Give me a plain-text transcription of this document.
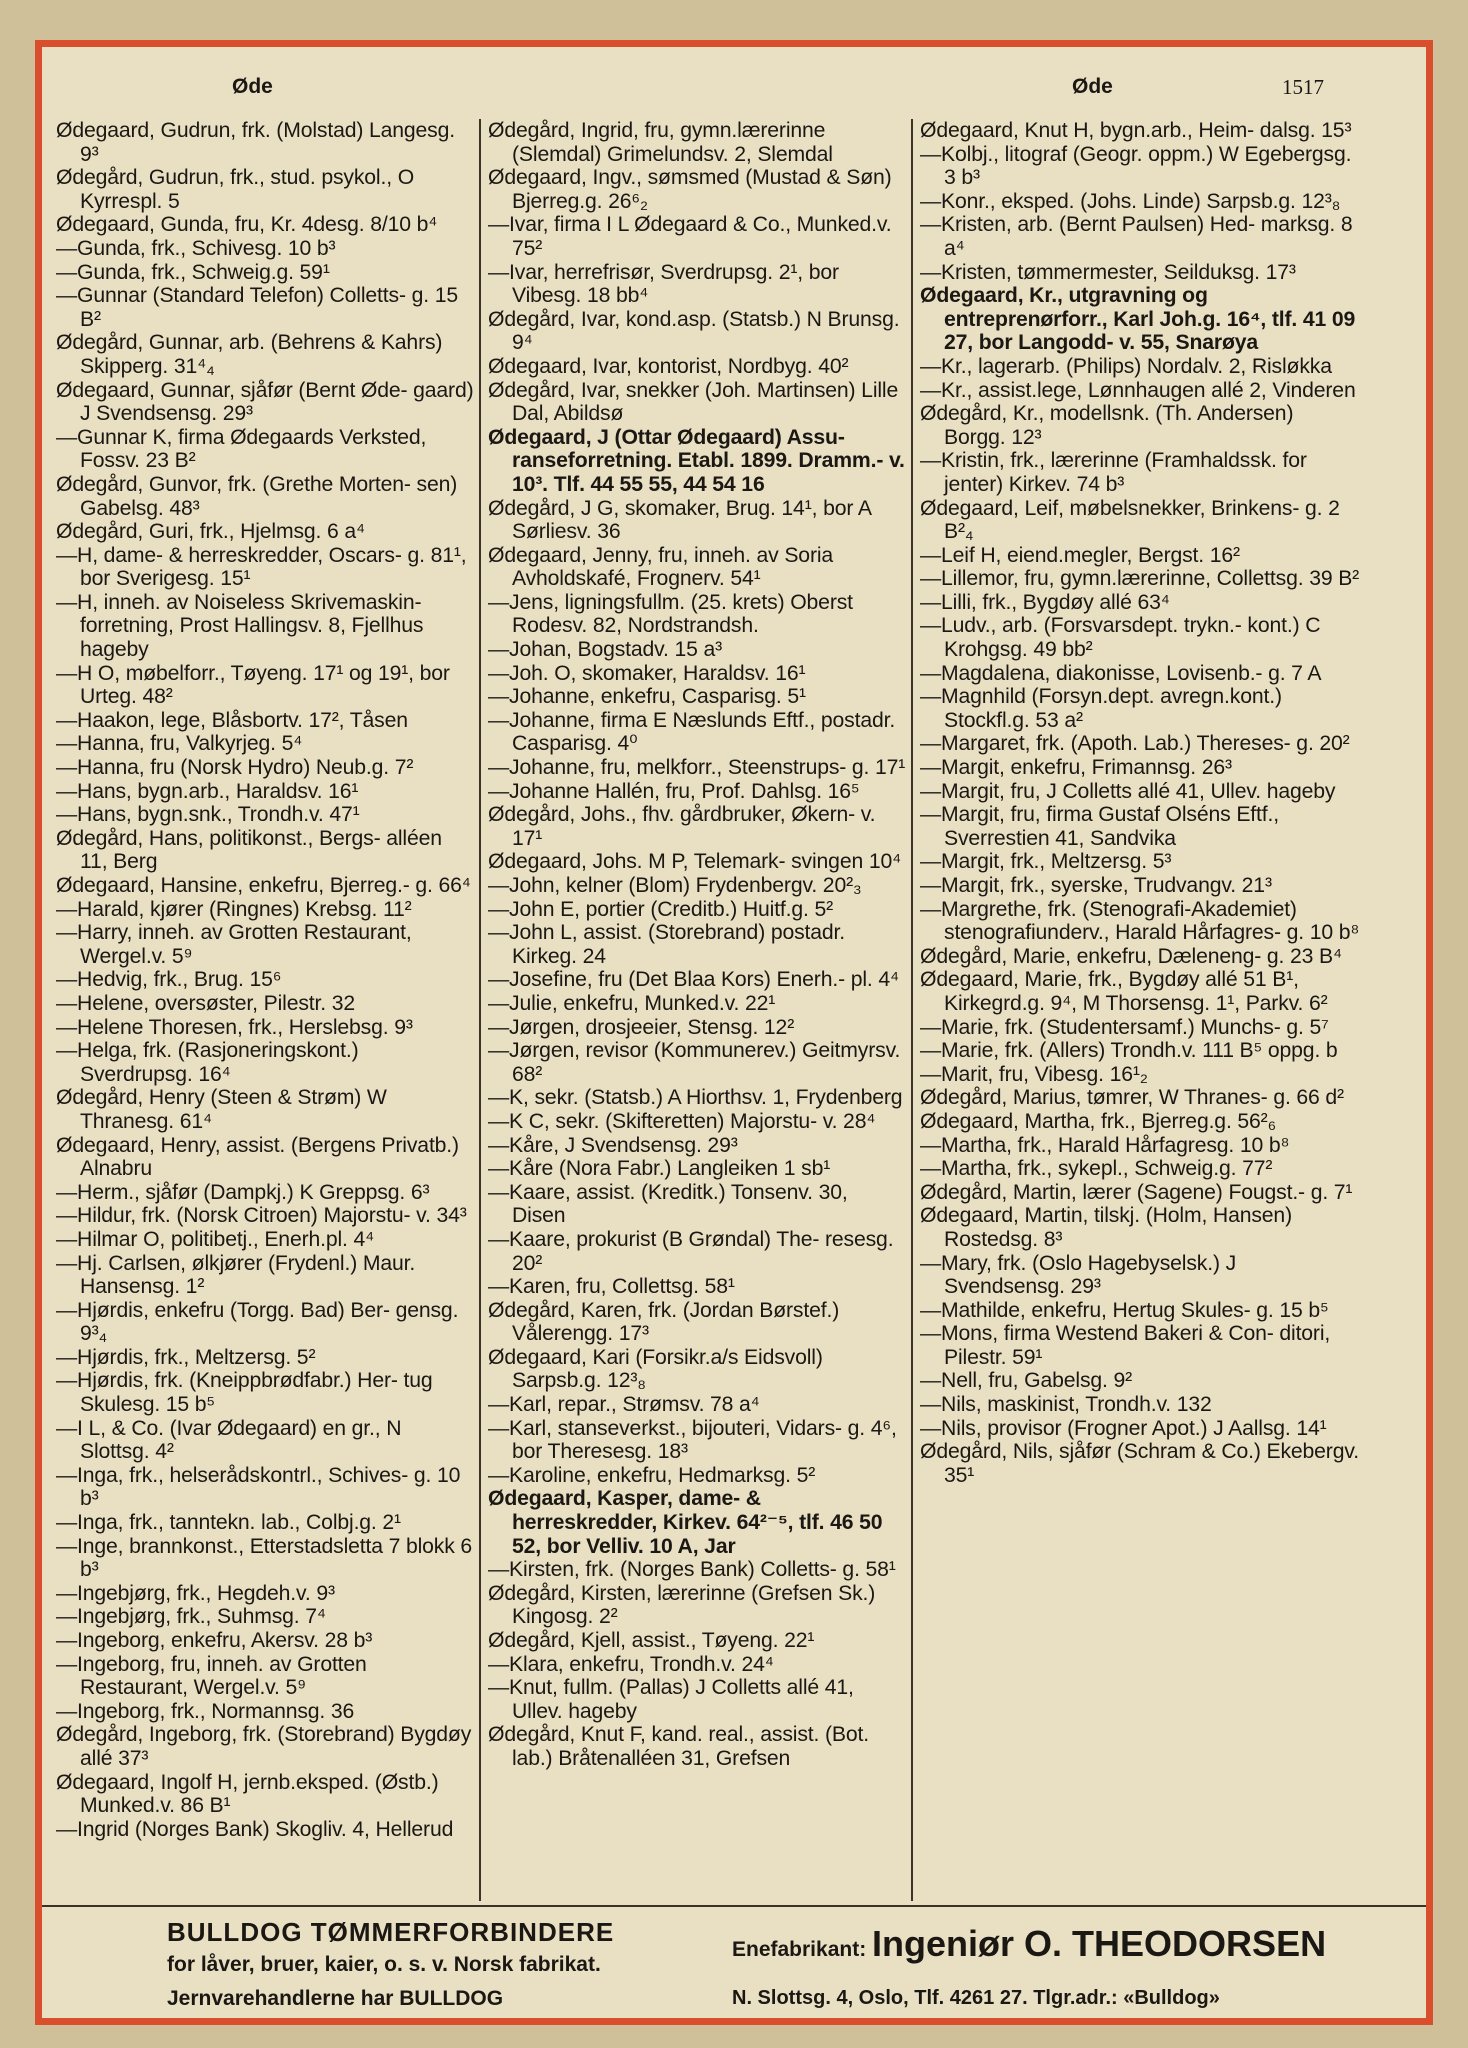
Øde	Øde	1517

Ødegaard, Gudrun, frk. (Molstad) Langesg. 9³

Ødegård, Gudrun, frk., stud. psykol., O Kyrrespl. 5

Ødegaard, Gunda, fru, Kr. 4desg. 8/10 b⁴

—Gunda, frk., Schivesg. 10 b³

—Gunda, frk., Schweig.g. 59¹

—Gunnar (Standard Telefon) Colletts- g. 15 B²

Ødegård, Gunnar, arb. (Behrens & Kahrs) Skipperg. 31⁴₄

Ødegaard, Gunnar, sjåfør (Bernt Øde- gaard) J Svendsensg. 29³

—Gunnar K, firma Ødegaards Verksted, Fossv. 23 B²

Ødegård, Gunvor, frk. (Grethe Morten- sen) Gabelsg. 48³

Ødegård, Guri, frk., Hjelmsg. 6 a⁴

—H, dame- & herreskredder, Oscars- g. 81¹, bor Sverigesg. 15¹

—H, inneh. av Noiseless Skrivemaskin- forretning, Prost Hallingsv. 8, Fjellhus hageby

—H O, møbelforr., Tøyeng. 17¹ og 19¹, bor Urteg. 48²

—Haakon, lege, Blåsbortv. 17², Tåsen

—Hanna, fru, Valkyrjeg. 5⁴

—Hanna, fru (Norsk Hydro) Neub.g. 7²

—Hans, bygn.arb., Haraldsv. 16¹

—Hans, bygn.snk., Trondh.v. 47¹

Ødegård, Hans, politikonst., Bergs- alléen 11, Berg

Ødegaard, Hansine, enkefru, Bjerreg.- g. 66⁴

—Harald, kjører (Ringnes) Krebsg. 11²

—Harry, inneh. av Grotten Restaurant, Wergel.v. 5⁹

—Hedvig, frk., Brug. 15⁶

—Helene, oversøster, Pilestr. 32

—Helene Thoresen, frk., Herslebsg. 9³

—Helga, frk. (Rasjoneringskont.) Sverdrupsg. 16⁴

Ødegård, Henry (Steen & Strøm) W Thranesg. 61⁴

Ødegaard, Henry, assist. (Bergens Privatb.) Alnabru

—Herm., sjåfør (Dampkj.) K Greppsg. 6³

—Hildur, frk. (Norsk Citroen) Majorstu- v. 34³

—Hilmar O, politibetj., Enerh.pl. 4⁴

—Hj. Carlsen, ølkjører (Frydenl.) Maur. Hansensg. 1²

—Hjørdis, enkefru (Torgg. Bad) Ber- gensg. 9³₄

—Hjørdis, frk., Meltzersg. 5²

—Hjørdis, frk. (Kneippbrødfabr.) Her- tug Skulesg. 15 b⁵

—I L, & Co. (Ivar Ødegaard) en gr., N Slottsg. 4²

—Inga, frk., helserådskontrl., Schives- g. 10 b³

—Inga, frk., tanntekn. lab., Colbj.g. 2¹

—Inge, brannkonst., Etterstadsletta 7 blokk 6 b³

—Ingebjørg, frk., Hegdeh.v. 9³

—Ingebjørg, frk., Suhmsg. 7⁴

—Ingeborg, enkefru, Akersv. 28 b³

—Ingeborg, fru, inneh. av Grotten Restaurant, Wergel.v. 5⁹

—Ingeborg, frk., Normannsg. 36

Ødegård, Ingeborg, frk. (Storebrand) Bygdøy allé 37³

Ødegaard, Ingolf H, jernb.eksped. (Østb.) Munked.v. 86 B¹

—Ingrid (Norges Bank) Skogliv. 4, Hellerud

Ødegård, Ingrid, fru, gymn.lærerinne (Slemdal) Grimelundsv. 2, Slemdal

Ødegaard, Ingv., sømsmed (Mustad & Søn) Bjerreg.g. 26⁶₂

—Ivar, firma I L Ødegaard & Co., Munked.v. 75²

—Ivar, herrefrisør, Sverdrupsg. 2¹, bor Vibesg. 18 bb⁴

Ødegård, Ivar, kond.asp. (Statsb.) N Brunsg. 9⁴

Ødegaard, Ivar, kontorist, Nordbyg. 40²

Ødegård, Ivar, snekker (Joh. Martinsen) Lille Dal, Abildsø

Ødegaard, J (Ottar Ødegaard) Assu- ranseforretning. Etabl. 1899. Dramm.- v. 10³. Tlf. 44 55 55, 44 54 16

Ødegård, J G, skomaker, Brug. 14¹, bor A Sørliesv. 36

Ødegaard, Jenny, fru, inneh. av Soria Avholdskafé, Frognerv. 54¹

—Jens, ligningsfullm. (25. krets) Oberst Rodesv. 82, Nordstrandsh.

—Johan, Bogstadv. 15 a³

—Joh. O, skomaker, Haraldsv. 16¹

—Johanne, enkefru, Casparisg. 5¹

—Johanne, firma E Næslunds Eftf., postadr. Casparisg. 4⁰

—Johanne, fru, melkforr., Steenstrups- g. 17¹

—Johanne Hallén, fru, Prof. Dahlsg. 16⁵

Ødegård, Johs., fhv. gårdbruker, Økern- v. 17¹

Ødegaard, Johs. M P, Telemark- svingen 10⁴

—John, kelner (Blom) Frydenbergv. 20²₃

—John E, portier (Creditb.) Huitf.g. 5²

—John L, assist. (Storebrand) postadr. Kirkeg. 24

—Josefine, fru (Det Blaa Kors) Enerh.- pl. 4⁴

—Julie, enkefru, Munked.v. 22¹

—Jørgen, drosjeeier, Stensg. 12²

—Jørgen, revisor (Kommunerev.) Geitmyrsv. 68²

—K, sekr. (Statsb.) A Hiorthsv. 1, Frydenberg

—K C, sekr. (Skifteretten) Majorstu- v. 28⁴

—Kåre, J Svendsensg. 29³

—Kåre (Nora Fabr.) Langleiken 1 sb¹

—Kaare, assist. (Kreditk.) Tonsenv. 30, Disen

—Kaare, prokurist (B Grøndal) The- resesg. 20²

—Karen, fru, Collettsg. 58¹

Ødegård, Karen, frk. (Jordan Børstef.) Vålerengg. 17³

Ødegaard, Kari (Forsikr.a/s Eidsvoll) Sarpsb.g. 12³₈

—Karl, repar., Strømsv. 78 a⁴

—Karl, stanseverkst., bijouteri, Vidars- g. 4⁶, bor Theresesg. 18³

—Karoline, enkefru, Hedmarksg. 5²

Ødegaard, Kasper, dame- & herreskredder, Kirkev. 64²⁻⁵, tlf. 46 50 52, bor Velliv. 10 A, Jar

—Kirsten, frk. (Norges Bank) Colletts- g. 58¹

Ødegård, Kirsten, lærerinne (Grefsen Sk.) Kingosg. 2²

Ødegård, Kjell, assist., Tøyeng. 22¹

—Klara, enkefru, Trondh.v. 24⁴

—Knut, fullm. (Pallas) J Colletts allé 41, Ullev. hageby

Ødegård, Knut F, kand. real., assist. (Bot. lab.) Bråtenalléen 31, Grefsen

Ødegaard, Knut H, bygn.arb., Heim- dalsg. 15³

—Kolbj., litograf (Geogr. oppm.) W Egebergsg. 3 b³

—Konr., eksped. (Johs. Linde) Sarpsb.g. 12³₈

—Kristen, arb. (Bernt Paulsen) Hed- marksg. 8 a⁴

—Kristen, tømmermester, Seilduksg. 17³

Ødegaard, Kr., utgravning og entreprenørforr., Karl Joh.g. 16⁴, tlf. 41 09 27, bor Langodd- v. 55, Snarøya

—Kr., lagerarb. (Philips) Nordalv. 2, Risløkka

—Kr., assist.lege, Lønnhaugen allé 2, Vinderen

Ødegård, Kr., modellsnk. (Th. Andersen) Borgg. 12³

—Kristin, frk., lærerinne (Framhaldssk. for jenter) Kirkev. 74 b³

Ødegaard, Leif, møbelsnekker, Brinkens- g. 2 B²₄

—Leif H, eiend.megler, Bergst. 16²

—Lillemor, fru, gymn.lærerinne, Collettsg. 39 B²

—Lilli, frk., Bygdøy allé 63⁴

—Ludv., arb. (Forsvarsdept. trykn.- kont.) C Krohgsg. 49 bb²

—Magdalena, diakonisse, Lovisenb.- g. 7 A

—Magnhild (Forsyn.dept. avregn.kont.) Stockfl.g. 53 a²

—Margaret, frk. (Apoth. Lab.) Thereses- g. 20²

—Margit, enkefru, Frimannsg. 26³

—Margit, fru, J Colletts allé 41, Ullev. hageby

—Margit, fru, firma Gustaf Olséns Eftf., Sverrestien 41, Sandvika

—Margit, frk., Meltzersg. 5³

—Margit, frk., syerske, Trudvangv. 21³

—Margrethe, frk. (Stenografi-Akademiet) stenografiunderv., Harald Hårfagres- g. 10 b⁸

Ødegård, Marie, enkefru, Dæleneng- g. 23 B⁴

Ødegaard, Marie, frk., Bygdøy allé 51 B¹, Kirkegrd.g. 9⁴, M Thorsensg. 1¹, Parkv. 6²

—Marie, frk. (Studentersamf.) Munchs- g. 5⁷

—Marie, frk. (Allers) Trondh.v. 111 B⁵ oppg. b

—Marit, fru, Vibesg. 16¹₂

Ødegård, Marius, tømrer, W Thranes- g. 66 d²

Ødegaard, Martha, frk., Bjerreg.g. 56²₆

—Martha, frk., Harald Hårfagresg. 10 b⁸

—Martha, frk., sykepl., Schweig.g. 77²

Ødegård, Martin, lærer (Sagene) Fougst.- g. 7¹

Ødegaard, Martin, tilskj. (Holm, Hansen) Rostedsg. 8³

—Mary, frk. (Oslo Hagebyselsk.) J Svendsensg. 29³

—Mathilde, enkefru, Hertug Skules- g. 15 b⁵

—Mons, firma Westend Bakeri & Con- ditori, Pilestr. 59¹

—Nell, fru, Gabelsg. 9²

—Nils, maskinist, Trondh.v. 132

—Nils, provisor (Frogner Apot.) J Aallsg. 14¹

Ødegård, Nils, sjåfør (Schram & Co.) Ekebergv. 35¹

BULLDOG TØMMERFORBINDERE
for låver, bruer, kaier, o. s. v. Norsk fabrikat.
Jernvarehandlerne har BULLDOG
Enefabrikant: Ingeniør O. THEODORSEN
N. Slottsg. 4, Oslo, Tlf. 4261 27. Tlgr.adr.: «Bulldog»
